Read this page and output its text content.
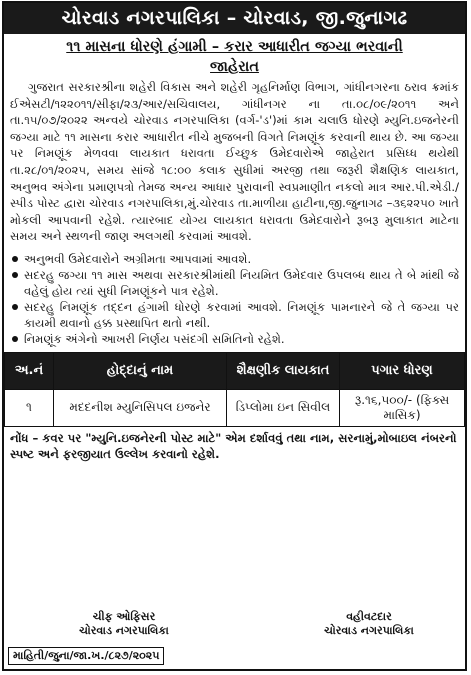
ચોરવાડ નગરપાલિકા – ચોરવાડ, જી.જુનાગઢ
૧૧ માસના ધોરણે હંગામી – કરાર આધારીત જગ્યા ભરવાની
જાહેરાત
ગુજરાત સરકારશ્રીના શહેરી વિકાસ અને શહેરી ગૃહનિર્માણ વિભાગ, ગાંધીનગરના ઠરાવ ક્રમાંક ઈએસટી/૧૨૨૦૧૧/સીફા/૨૩/આર/સચિવાલય, ગાંધીનગર ના તા.૦૮/૦૯/૨૦૧૧ અને તા.૧૫/૦૭/૨૦૨૨ અન્વયે ચોરવાડ નગરપાલિકા (વર્ગ-'ડ')માં કામ ચલાઉ ધોરણે મ્યુનિ.ઇજનેરની જગ્યા માટે ૧૧ માસના કરાર આધારીત નીચે મુજબની વિગતે નિમણૂંક કરવાની થાય છે. આ જગ્યા પર નિમણૂંક મેળવવા લાયકાત ધરાવતા ઈચ્છુક ઉમેદવારોએ જાહેરાત પ્રસિધ્ધ થયેથી તા.૨૮/૦૧/૨૦૨૫, સમય સાંજે ૧૮:૦૦ કલાક સુધીમાં અરજી તથા જરૂરી શૈક્ષણિક લાયકાત, અનુભવ અંગેના પ્રમાણપત્રો તેમજ અન્ય આધાર પુરાવાની સ્વપ્રમાણીત નકલો માત્ર આર.પી.એડી./સ્પીડ પોસ્ટ દ્વારા ચોરવાડ નગરપાલિકા,મું.ચોરવાડ તા.માળીયા હાટીના,જી.જુનાગઢ –૩૬૨૨૫૦ ખાતે મોકલી આપવાની રહેશે. ત્યારબાદ યોગ્ય લાયકાત ધરાવતા ઉમેદવારોને રૂબરૂ મુલાકાત માટેના સમય અને સ્થળની જાણ અલગથી કરવામાં આવશે.
અનુભવી ઉમેદવારોને અગ્રીમતા આપવામાં આવશે.
સદરહુ જગ્યા ૧૧ માસ અથવા સરકારશ્રીમાંથી નિયમિત ઉમેદવાર ઉપલબ્ધ થાય તે બે માંથી જે વહેલું હોય ત્યાં સુધી નિમણૂંકને પાત્ર રહેશે.
સદરહુ નિમણૂંક તદ્દન હંગામી ધોરણે કરવામાં આવશે. નિમણૂંક પામનારને જે તે જગ્યા પર કાયમી થવાનો હક્ક પ્રસ્થાપિત થતો નથી.
નિમણૂંક અંગેનો આખરી નિર્ણય પસંદગી સમિતિનો રહેશે.
અ.નં	હોદ્દાનું નામ	શૈક્ષણીક લાયકાત	પગાર ધોરણ
૧	મદદનીશ મ્યુનિસિપલ ઇજનેર	ડિપ્લોમા ઇન સિવીલ	રૂ.૧૬,૫૦૦/- (ફિક્સ માસિક)
નોંધ – કવર પર "મ્યુનિ.ઇજનેરની પોસ્ટ માટે" એમ દર્શાવવું તથા નામ, સરનામું,મોબાઇલ નંબરનો સ્પષ્ટ અને ફરજીયાત ઉલ્લેખ કરવાનો રહેશે.
ચીફ ઓફિસર
ચોરવાડ નગરપાલિકા
વહીવટદાર
ચોરવાડ નગરપાલિકા
માહિતી/જુના/જા.ખ./૮૨૭/૨૦૨૫
